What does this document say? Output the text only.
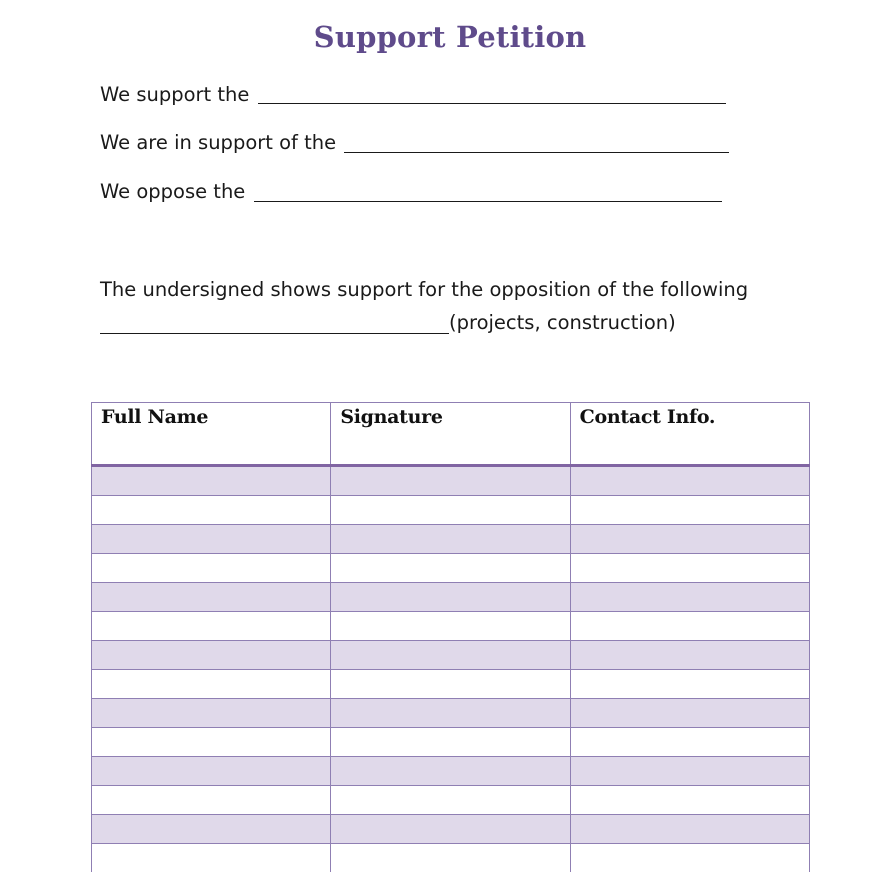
Support Petition
We support the
We are in support of the
We oppose the
The undersigned shows support for the opposition of the following
(projects, construction)
Full Name	Signature	Contact Info.
